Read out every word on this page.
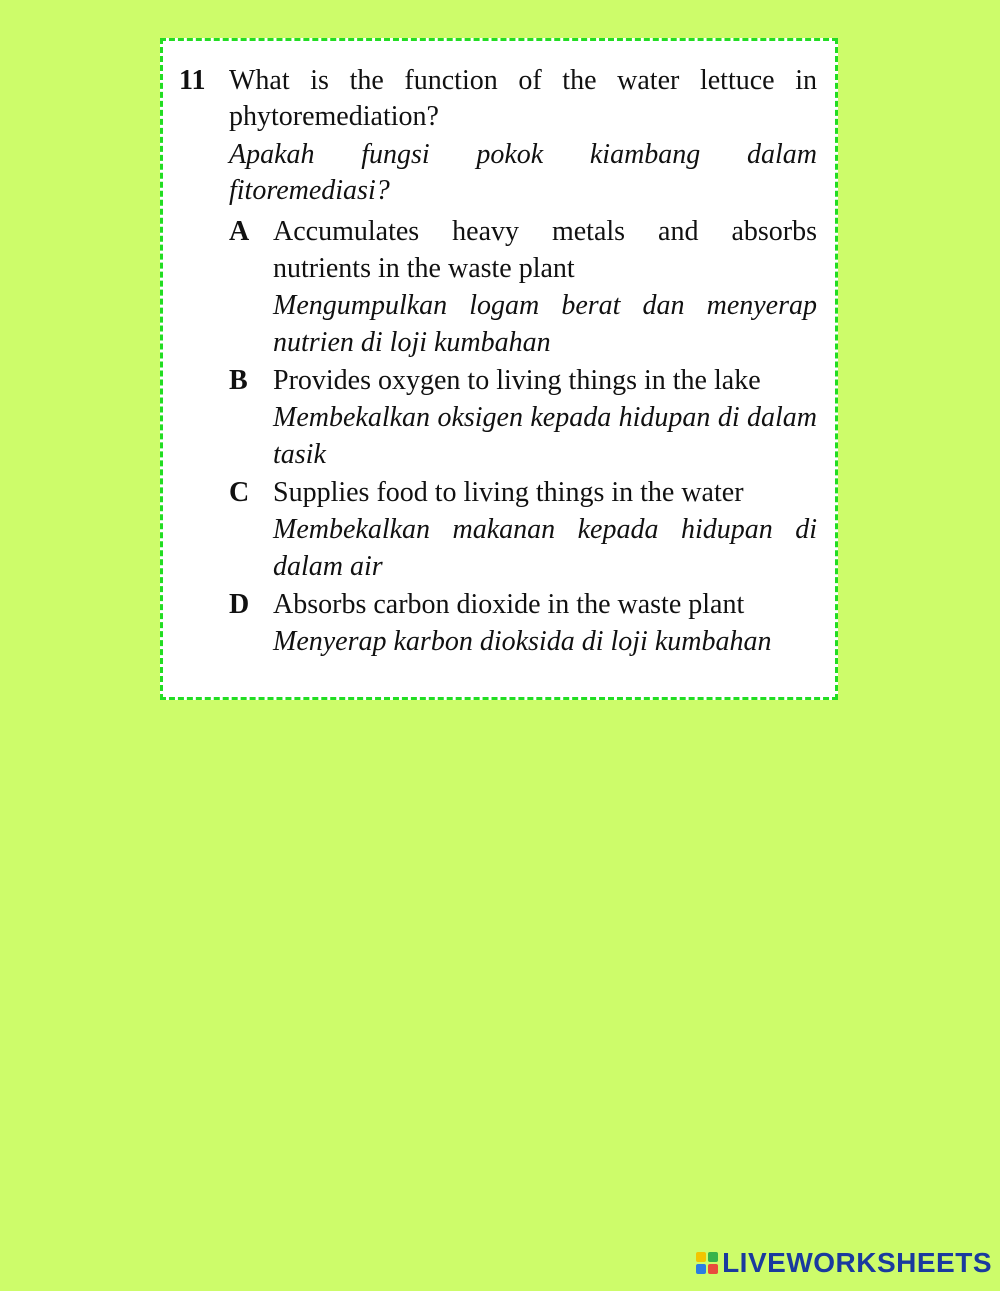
11 What is the function of the water lettuce in phytoremediation?

Apakah fungsi pokok kiambang dalam fitoremediasi?

A Accumulates heavy metals and absorbs nutrients in the waste plant

Mengumpulkan logam berat dan menyerap nutrien di loji kumbahan

B Provides oxygen to living things in the lake

Membekalkan oksigen kepada hidupan di dalam tasik

C Supplies food to living things in the water

Membekalkan makanan kepada hidupan di dalam air

D Absorbs carbon dioxide in the waste plant

Menyerap karbon dioksida di loji kumbahan

LIVEWORKSHEETS
